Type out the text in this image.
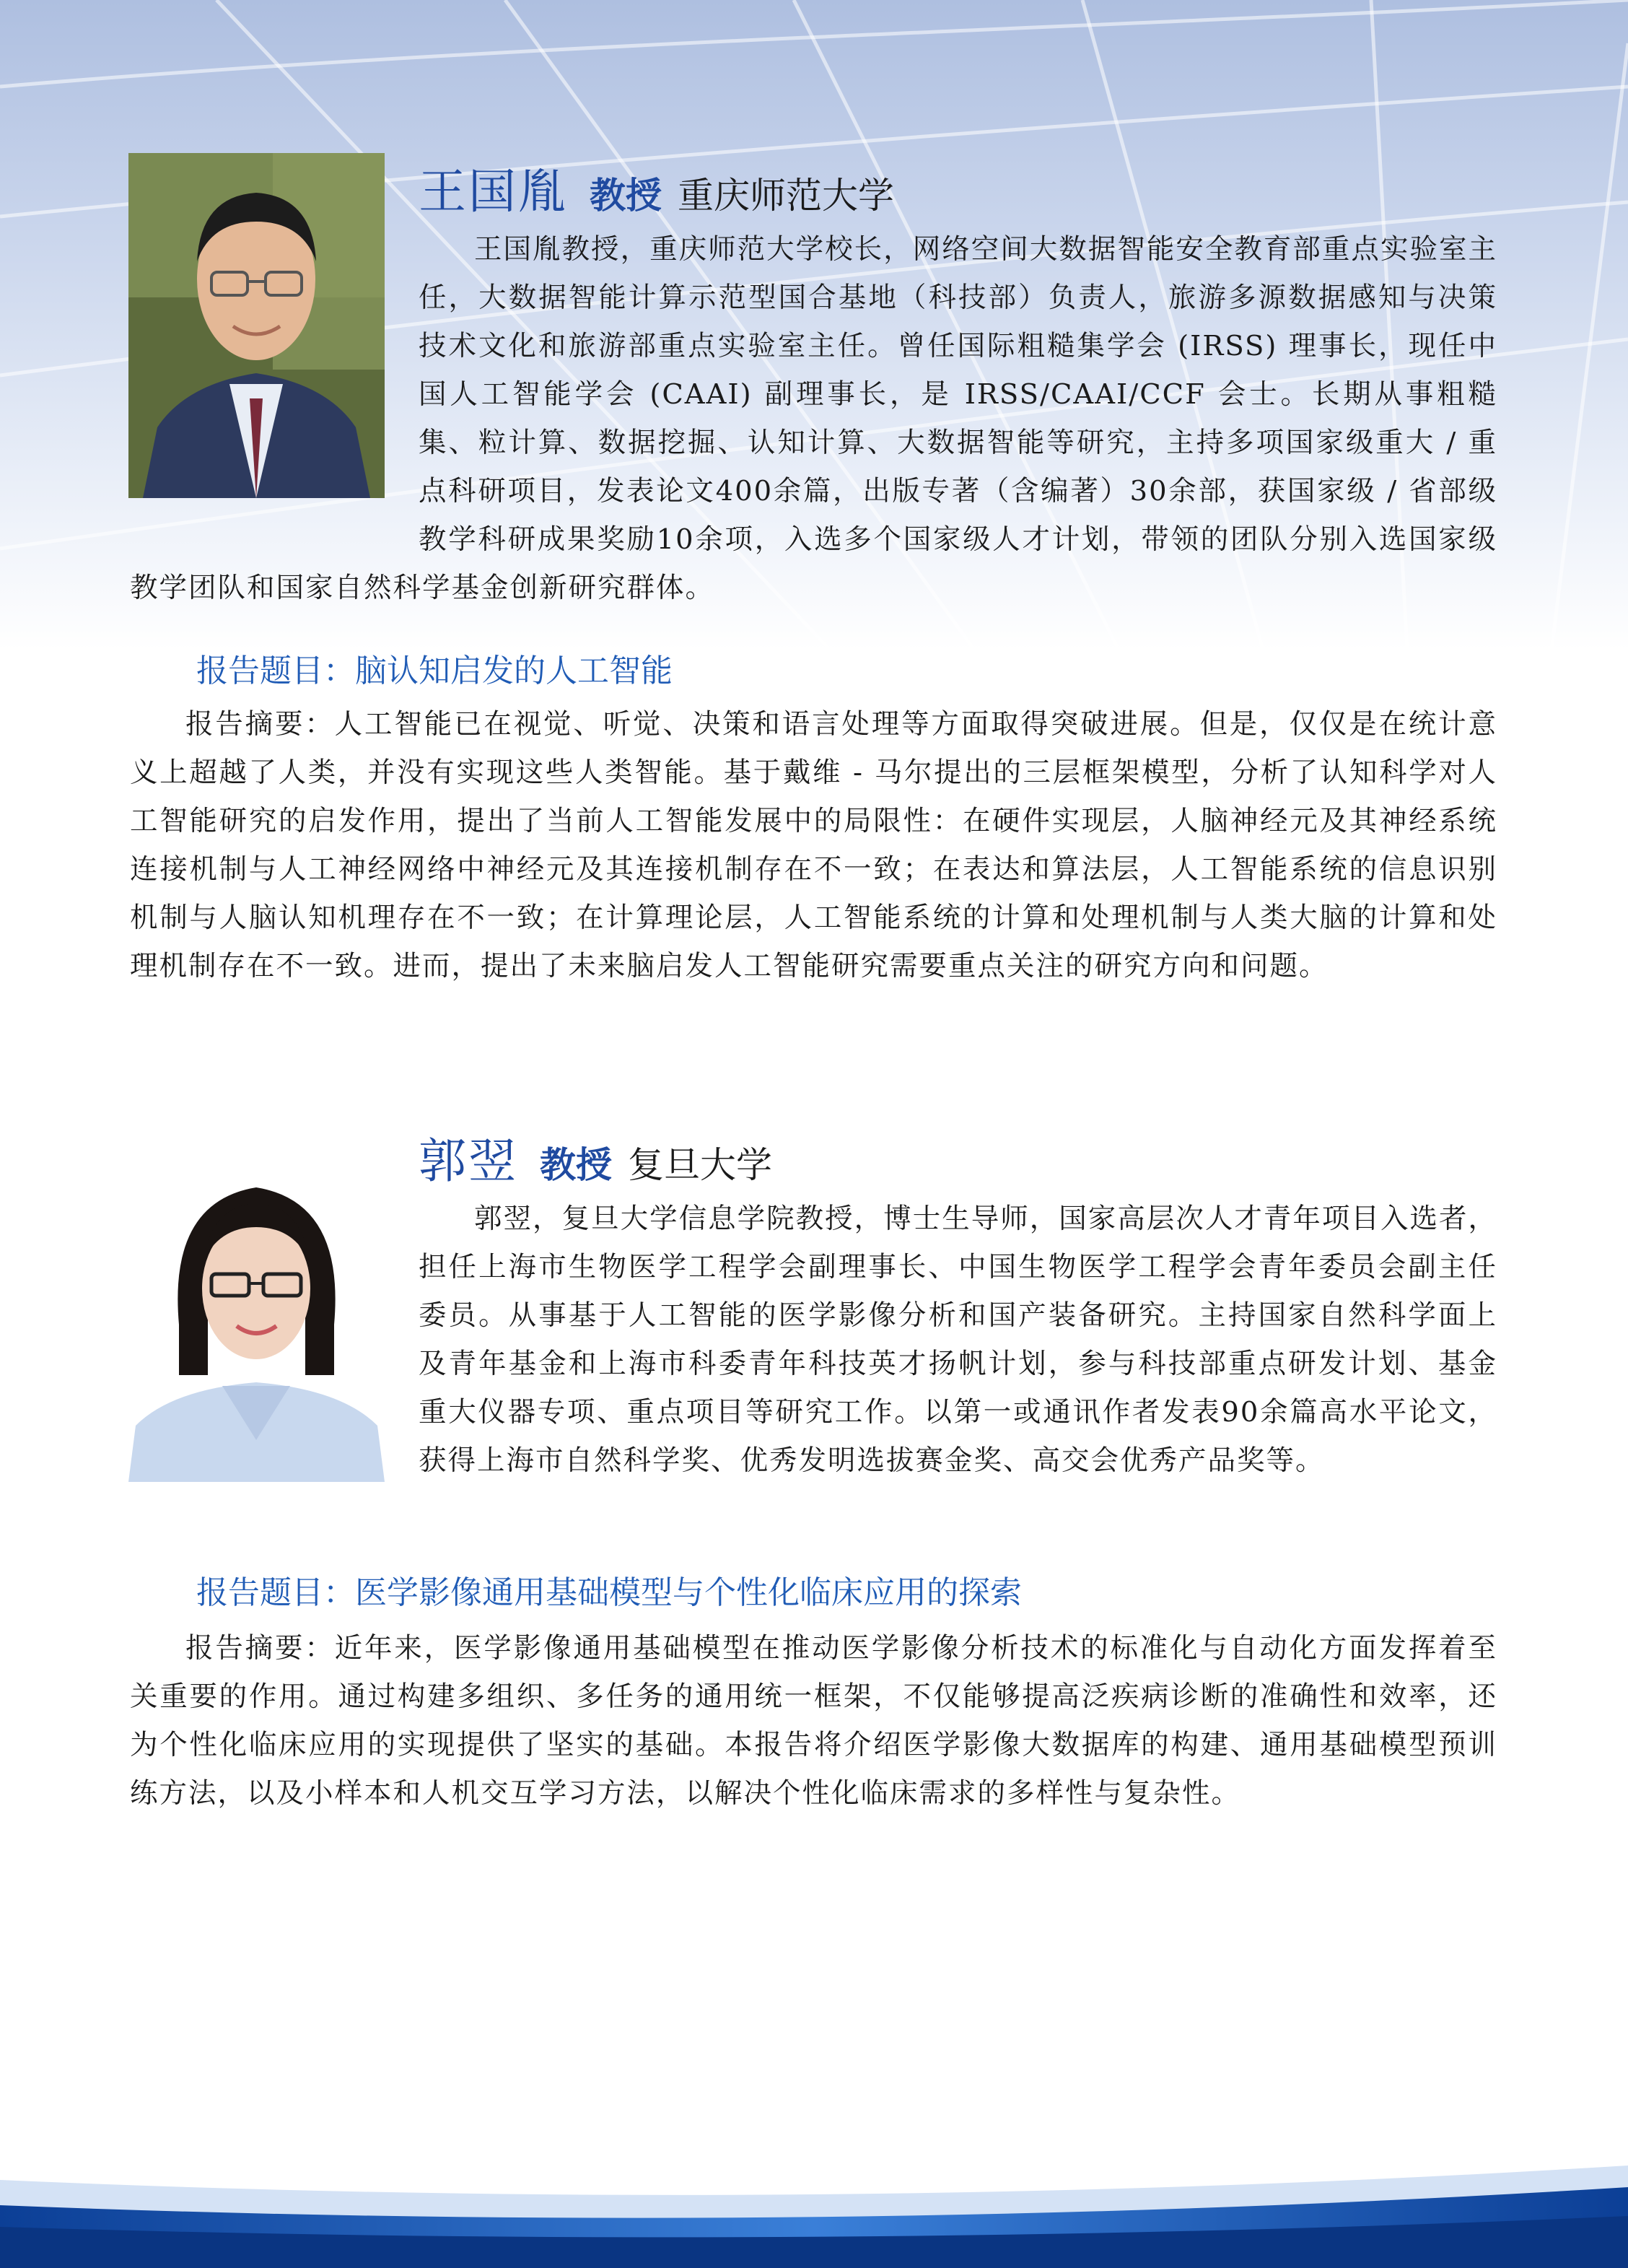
王国胤 教授 重庆师范大学

王国胤教授，重庆师范大学校长，网络空间大数据智能安全教育部重点实验室主任，大数据智能计算示范型国合基地（科技部）负责人，旅游多源数据感知与决策技术文化和旅游部重点实验室主任。曾任国际粗糙集学会 (IRSS) 理事长，现任中国人工智能学会 (CAAI) 副理事长，是 IRSS/CAAI/CCF 会士。长期从事粗糙集、粒计算、数据挖掘、认知计算、大数据智能等研究，主持多项国家级重大 / 重点科研项目，发表论文400余篇，出版专著（含编著）30余部，获国家级 / 省部级教学科研成果奖励10余项，入选多个国家级人才计划，带领的团队分别入选国家级教学团队和国家自然科学基金创新研究群体。

报告题目：脑认知启发的人工智能

报告摘要：人工智能已在视觉、听觉、决策和语言处理等方面取得突破进展。但是，仅仅是在统计意义上超越了人类，并没有实现这些人类智能。基于戴维 - 马尔提出的三层框架模型，分析了认知科学对人工智能研究的启发作用，提出了当前人工智能发展中的局限性：在硬件实现层，人脑神经元及其神经系统连接机制与人工神经网络中神经元及其连接机制存在不一致；在表达和算法层，人工智能系统的信息识别机制与人脑认知机理存在不一致；在计算理论层，人工智能系统的计算和处理机制与人类大脑的计算和处理机制存在不一致。进而，提出了未来脑启发人工智能研究需要重点关注的研究方向和问题。

郭翌 教授 复旦大学

郭翌，复旦大学信息学院教授，博士生导师，国家高层次人才青年项目入选者，担任上海市生物医学工程学会副理事长、中国生物医学工程学会青年委员会副主任委员。从事基于人工智能的医学影像分析和国产装备研究。主持国家自然科学面上及青年基金和上海市科委青年科技英才扬帆计划，参与科技部重点研发计划、基金重大仪器专项、重点项目等研究工作。以第一或通讯作者发表90余篇高水平论文，获得上海市自然科学奖、优秀发明选拔赛金奖、高交会优秀产品奖等。

报告题目：医学影像通用基础模型与个性化临床应用的探索

报告摘要：近年来，医学影像通用基础模型在推动医学影像分析技术的标准化与自动化方面发挥着至关重要的作用。通过构建多组织、多任务的通用统一框架，不仅能够提高泛疾病诊断的准确性和效率，还为个性化临床应用的实现提供了坚实的基础。本报告将介绍医学影像大数据库的构建、通用基础模型预训练方法，以及小样本和人机交互学习方法，以解决个性化临床需求的多样性与复杂性。
